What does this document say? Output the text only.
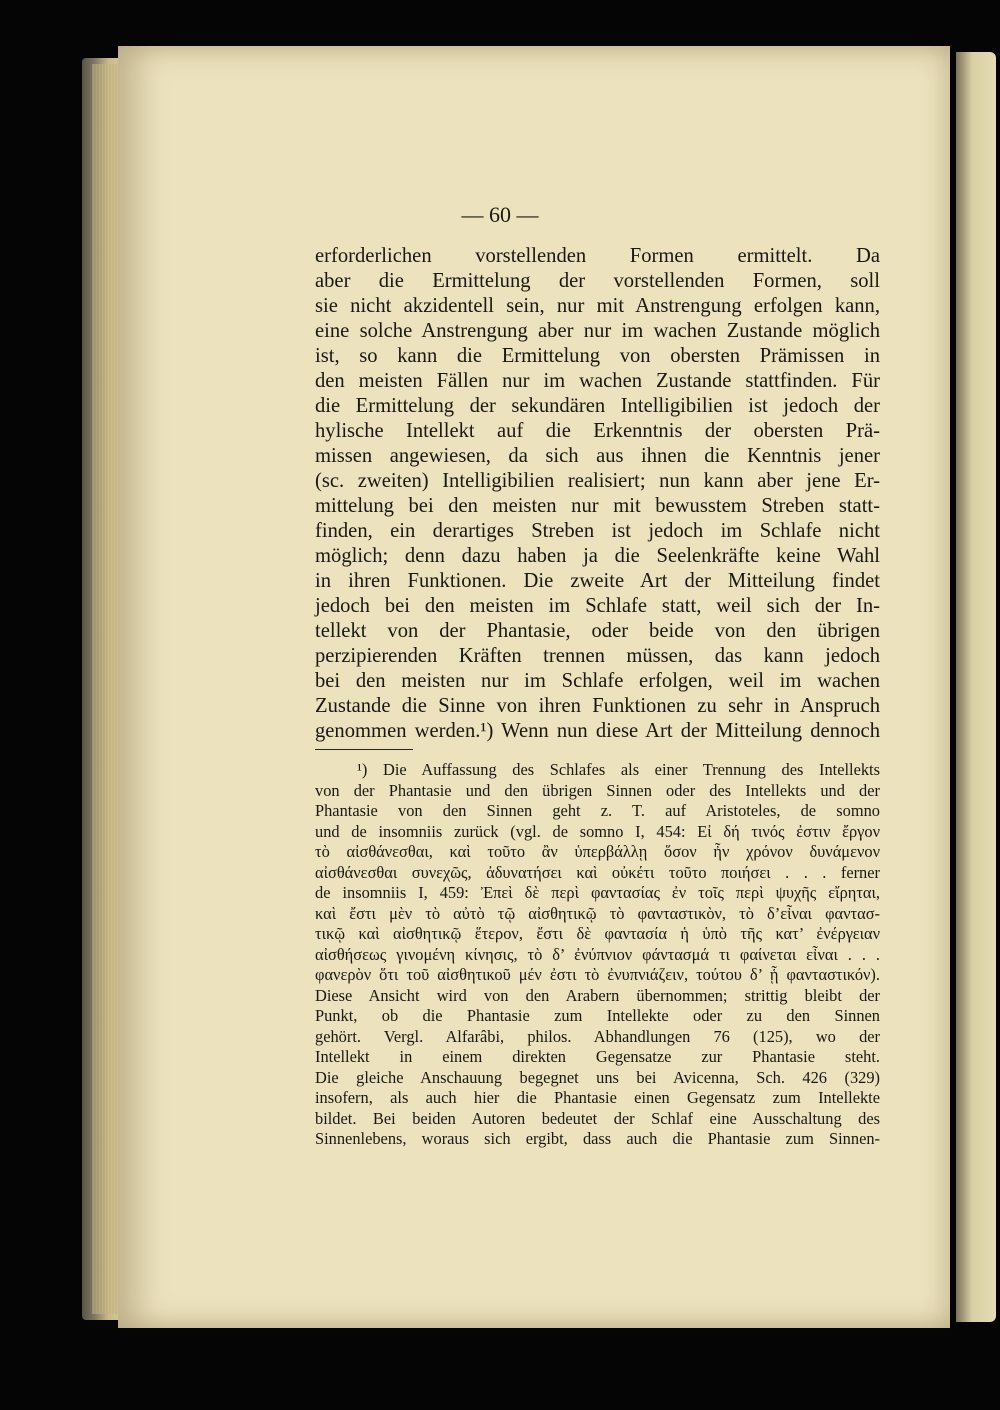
— 60 —
erforderlichen vorstellenden Formen ermittelt. Da
aber die Ermittelung der vorstellenden Formen, soll
sie nicht akzidentell sein, nur mit Anstrengung erfolgen kann,
eine solche Anstrengung aber nur im wachen Zustande möglich
ist, so kann die Ermittelung von obersten Prämissen in
den meisten Fällen nur im wachen Zustande stattfinden. Für
die Ermittelung der sekundären Intelligibilien ist jedoch der
hylische Intellekt auf die Erkenntnis der obersten Prä-
missen angewiesen, da sich aus ihnen die Kenntnis jener
(sc. zweiten) Intelligibilien realisiert; nun kann aber jene Er-
mittelung bei den meisten nur mit bewusstem Streben statt-
finden, ein derartiges Streben ist jedoch im Schlafe nicht
möglich; denn dazu haben ja die Seelenkräfte keine Wahl
in ihren Funktionen. Die zweite Art der Mitteilung findet
jedoch bei den meisten im Schlafe statt, weil sich der In-
tellekt von der Phantasie, oder beide von den übrigen
perzipierenden Kräften trennen müssen, das kann jedoch
bei den meisten nur im Schlafe erfolgen, weil im wachen
Zustande die Sinne von ihren Funktionen zu sehr in Anspruch
genommen werden.¹) Wenn nun diese Art der Mitteilung dennoch
¹) Die Auffassung des Schlafes als einer Trennung des Intellekts
von der Phantasie und den übrigen Sinnen oder des Intellekts und der
Phantasie von den Sinnen geht z. T. auf Aristoteles, de somno
und de insomniis zurück (vgl. de somno I, 454: Εἰ δή τινός ἐστιν ἔργον
τὸ αἰσθάνεσθαι, καὶ τοῦτο ἂν ὑπερβάλλῃ ὅσον ἦν χρόνον δυνάμενον
αἰσθάνεσθαι συνεχῶς, ἀδυνατήσει καὶ οὐκέτι τοῦτο ποιήσει . . . ferner
de insomniis I, 459: Ἐπεὶ δὲ περὶ φαντασίας ἐν τοῖς περὶ ψυχῆς εἴρηται,
καὶ ἔστι μὲν τὸ αὐτὸ τῷ αἰσθητικῷ τὸ φανταστικὸν, τὸ δ’εἶναι φαντασ-
τικῷ καὶ αἰσθητικῷ ἕτερον, ἔστι δὲ φαντασία ἡ ὑπὸ τῆς κατ’ ἐνέργειαν
αἰσθήσεως γινομένη κίνησις, τὸ δ’ ἐνύπνιον φάντασμά τι φαίνεται εἶναι . . .
φανερὸν ὅτι τοῦ αἰσθητικοῦ μέν ἐστι τὸ ἐνυπνιάζειν, τούτου δ’ ᾗ φανταστικόν).
Diese Ansicht wird von den Arabern übernommen; strittig bleibt der
Punkt, ob die Phantasie zum Intellekte oder zu den Sinnen
gehört. Vergl. Alfarâbi, philos. Abhandlungen 76 (125), wo der
Intellekt in einem direkten Gegensatze zur Phantasie steht.
Die gleiche Anschauung begegnet uns bei Avicenna, Sch. 426 (329)
insofern, als auch hier die Phantasie einen Gegensatz zum Intellekte
bildet. Bei beiden Autoren bedeutet der Schlaf eine Ausschaltung des
Sinnenlebens, woraus sich ergibt, dass auch die Phantasie zum Sinnen-
